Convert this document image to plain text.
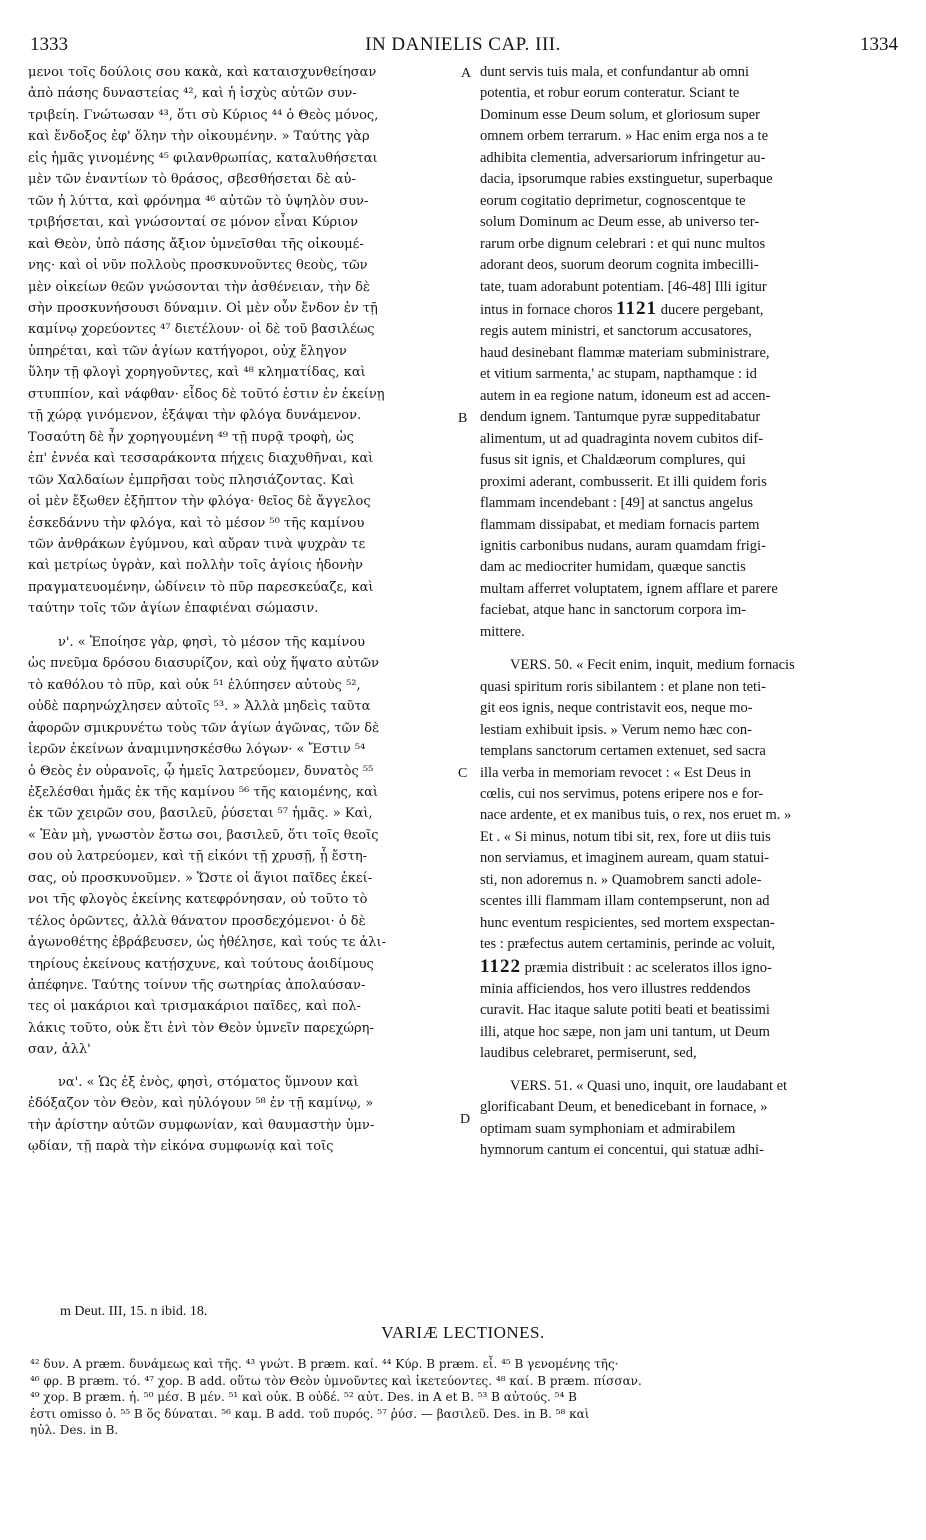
1333	IN DANIELIS CAP. III.	1334

μενοι τοῖς δούλοις σου κακὰ, καὶ καταισχυνθείησαν
ἀπὸ πάσης δυναστείας ⁴², καὶ ἡ ἰσχὺς αὐτῶν συν-
τριβείη. Γνώτωσαν ⁴³, ὅτι σὺ Κύριος ⁴⁴ ὁ Θεὸς μόνος,
καὶ ἔνδοξος ἐφ' ὅλην τὴν οἰκουμένην. » Ταύτης γὰρ
εἰς ἡμᾶς γινομένης ⁴⁵ φιλανθρωπίας, καταλυθήσεται
μὲν τῶν ἐναντίων τὸ θράσος, σβεσθήσεται δὲ αὐ-
τῶν ἡ λύττα, καὶ φρόνημα ⁴⁶ αὐτῶν τὸ ὑψηλὸν συν-
τριβήσεται, καὶ γνώσονταί σε μόνον εἶναι Κύριον
καὶ Θεὸν, ὑπὸ πάσης ἄξιον ὑμνεῖσθαι τῆς οἰκουμέ-
νης· καὶ οἱ νῦν πολλοὺς προσκυνοῦντες θεοὺς, τῶν
μὲν οἰκείων θεῶν γνώσονται τὴν ἀσθένειαν, τὴν δὲ
σὴν προσκυνήσουσι δύναμιν. Οἱ μὲν οὖν ἔνδον ἐν τῇ
καμίνῳ χορεύοντες ⁴⁷ διετέλουν· οἱ δὲ τοῦ βασιλέως
ὑπηρέται, καὶ τῶν ἁγίων κατήγοροι, οὐχ ἔληγον
ὕλην τῇ φλογὶ χορηγοῦντες, καὶ ⁴⁸ κληματίδας, καὶ
στυππίον, καὶ νάφθαν· εἶδος δὲ τοῦτό ἐστιν ἐν ἐκείνῃ
τῇ χώρᾳ γινόμενον, ἐξάψαι τὴν φλόγα δυνάμενον.
Τοσαύτη δὲ ἦν χορηγουμένη ⁴⁹ τῇ πυρᾷ τροφὴ, ὡς
ἐπ' ἐννέα καὶ τεσσαράκοντα πήχεις διαχυθῆναι, καὶ
τῶν Χαλδαίων ἐμπρῆσαι τοὺς πλησιάζοντας. Καὶ
οἱ μὲν ἔξωθεν ἐξῆπτον τὴν φλόγα· θεῖος δὲ ἄγγελος
ἐσκεδάννυ τὴν φλόγα, καὶ τὸ μέσον ⁵⁰ τῆς καμίνου
τῶν ἀνθράκων ἐγύμνου, καὶ αὔραν τινὰ ψυχρὰν τε
καὶ μετρίως ὑγρὰν, καὶ πολλὴν τοῖς ἁγίοις ἡδονὴν
πραγματευομένην, ὠδίνειν τὸ πῦρ παρεσκεύαζε, καὶ
ταύτην τοῖς τῶν ἁγίων ἐπαφιέναι σώμασιν.

ν'. « Ἐποίησε γὰρ, φησὶ, τὸ μέσον τῆς καμίνου
ὡς πνεῦμα δρόσου διασυρίζον, καὶ οὐχ ἥψατο αὐτῶν
τὸ καθόλου τὸ πῦρ, καὶ οὐκ ⁵¹ ἐλύπησεν αὐτοὺς ⁵²,
οὐδὲ παρηνώχλησεν αὐτοῖς ⁵³. » Ἀλλὰ μηδεὶς ταῦτα
ἀφορῶν σμικρυνέτω τοὺς τῶν ἁγίων ἀγῶνας, τῶν δὲ
ἱερῶν ἐκείνων ἀναμιμνησκέσθω λόγων· « Ἔστιν ⁵⁴
ὁ Θεὸς ἐν οὐρανοῖς, ᾧ ἡμεῖς λατρεύομεν, δυνατὸς ⁵⁵
ἐξελέσθαι ἡμᾶς ἐκ τῆς καμίνου ⁵⁶ τῆς καιομένης, καὶ
ἐκ τῶν χειρῶν σου, βασιλεῦ, ῥύσεται ⁵⁷ ἡμᾶς. » Καὶ,
« Ἐὰν μὴ, γνωστὸν ἔστω σοι, βασιλεῦ, ὅτι τοῖς θεοῖς
σου οὐ λατρεύομεν, καὶ τῇ εἰκόνι τῇ χρυσῇ, ᾗ ἔστη-
σας, οὐ προσκυνοῦμεν. » Ὥστε οἱ ἅγιοι παῖδες ἐκεί-
νοι τῆς φλογὸς ἐκείνης κατεφρόνησαν, οὐ τοῦτο τὸ
τέλος ὁρῶντες, ἀλλὰ θάνατον προσδεχόμενοι· ὁ δὲ
ἀγωνοθέτης ἐβράβευσεν, ὡς ἠθέλησε, καὶ τούς τε ἀλι-
τηρίους ἐκείνους κατῄσχυνε, καὶ τούτους ἀοιδίμους
ἀπέφηνε. Ταύτης τοίνυν τῆς σωτηρίας ἀπολαύσαν-
τες οἱ μακάριοι καὶ τρισμακάριοι παῖδες, καὶ πολ-
λάκις τοῦτο, οὐκ ἔτι ἑνὶ τὸν Θεὸν ὑμνεῖν παρεχώρη-
σαν, ἀλλ'

να'. « Ὡς ἐξ ἑνὸς, φησὶ, στόματος ὕμνουν καὶ
ἐδόξαζον τὸν Θεὸν, καὶ ηὐλόγουν ⁵⁸ ἐν τῇ καμίνῳ, »
τὴν ἀρίστην αὐτῶν συμφωνίαν, καὶ θαυμαστὴν ὑμν-
ῳδίαν, τῇ παρὰ τὴν εἰκόνα συμφωνίᾳ καὶ τοῖς

dunt servis tuis mala, et confundantur ab omni
potentia, et robur eorum conteratur. Sciant te
Dominum esse Deum solum, et gloriosum super
omnem orbem terrarum. » Hac enim erga nos a te
adhibita clementia, adversariorum infringetur au-
dacia, ipsorumque rabies exstinguetur, superbaque
eorum cogitatio deprimetur, cognoscentque te
solum Dominum ac Deum esse, ab universo ter-
rarum orbe dignum celebrari : et qui nunc multos
adorant deos, suorum deorum cognita imbecilli-
tate, tuam adorabunt potentiam. [46-48] Illi igitur
intus in fornace choros 1121 ducere pergebant,
regis autem ministri, et sanctorum accusatores,
haud desinebant flammæ materiam subministrare,
et vitium sarmenta,' ac stupam, napthamque : id
autem in ea regione natum, idoneum est ad accen-
dendum ignem. Tantumque pyræ suppeditabatur
alimentum, ut ad quadraginta novem cubitos dif-
fusus sit ignis, et Chaldæorum complures, qui
proximi aderant, combusserit. Et illi quidem foris
flammam incendebant : [49] at sanctus angelus
flammam dissipabat, et mediam fornacis partem
ignitis carbonibus nudans, auram quamdam frigi-
dam ac mediocriter humidam, quæque sanctis
multam afferret voluptatem, ignem afflare et parere
faciebat, atque hanc in sanctorum corpora im-
mittere.

VERS. 50. « Fecit enim, inquit, medium fornacis
quasi spiritum roris sibilantem : et plane non teti-
git eos ignis, neque contristavit eos, neque mo-
lestiam exhibuit ipsis. » Verum nemo hæc con-
templans sanctorum certamen extenuet, sed sacra
illa verba in memoriam revocet : « Est Deus in
cœlis, cui nos servimus, potens eripere nos e for-
nace ardente, et ex manibus tuis, o rex, nos eruet m. »
Et . « Si minus, notum tibi sit, rex, fore ut diis tuis
non serviamus, et imaginem auream, quam statui-
sti, non adoremus n. » Quamobrem sancti adole-
scentes illi flammam illam contempserunt, non ad
hunc eventum respicientes, sed mortem exspectan-
tes : præfectus autem certaminis, perinde ac voluit,
1122 præmia distribuit : ac sceleratos illos igno-
minia afficiendos, hos vero illustres reddendos
curavit. Hac itaque salute potiti beati et beatissimi
illi, atque hoc sæpe, non jam uni tantum, ut Deum
laudibus celebraret, permiserunt, sed,

VERS. 51. « Quasi uno, inquit, ore laudabant et
glorificabant Deum, et benedicebant in fornace, »
optimam suam symphoniam et admirabilem
hymnorum cantum ei concentui, qui statuæ adhi-

A
B
C
D
m Deut. III, 15. n ibid. 18.
VARIÆ LECTIONES.

⁴² δυν. A præm. δυνάμεως καὶ τῆς. ⁴³ γνώτ. B præm. καί. ⁴⁴ Κύρ. B præm. εἶ. ⁴⁵ B γενομένης τῆς·
⁴⁶ φρ. B præm. τό. ⁴⁷ χορ. B add. οὕτω τὸν Θεὸν ὑμνοῦντες καὶ ἱκετεύοντες. ⁴⁸ καί. B præm. πίσσαν.
⁴⁹ χορ. B præm. ἡ. ⁵⁰ μέσ. B μέν. ⁵¹ καὶ οὐκ. B οὐδέ. ⁵² αὐτ. Des. in A et B. ⁵³ B αὐτούς. ⁵⁴ B
ἐστι omisso ὁ. ⁵⁵ B ὅς δύναται. ⁵⁶ καμ. B add. τοῦ πυρός. ⁵⁷ ῥύσ. — βασιλεῦ. Des. in B. ⁵⁸ καὶ
ηὐλ. Des. in B.
